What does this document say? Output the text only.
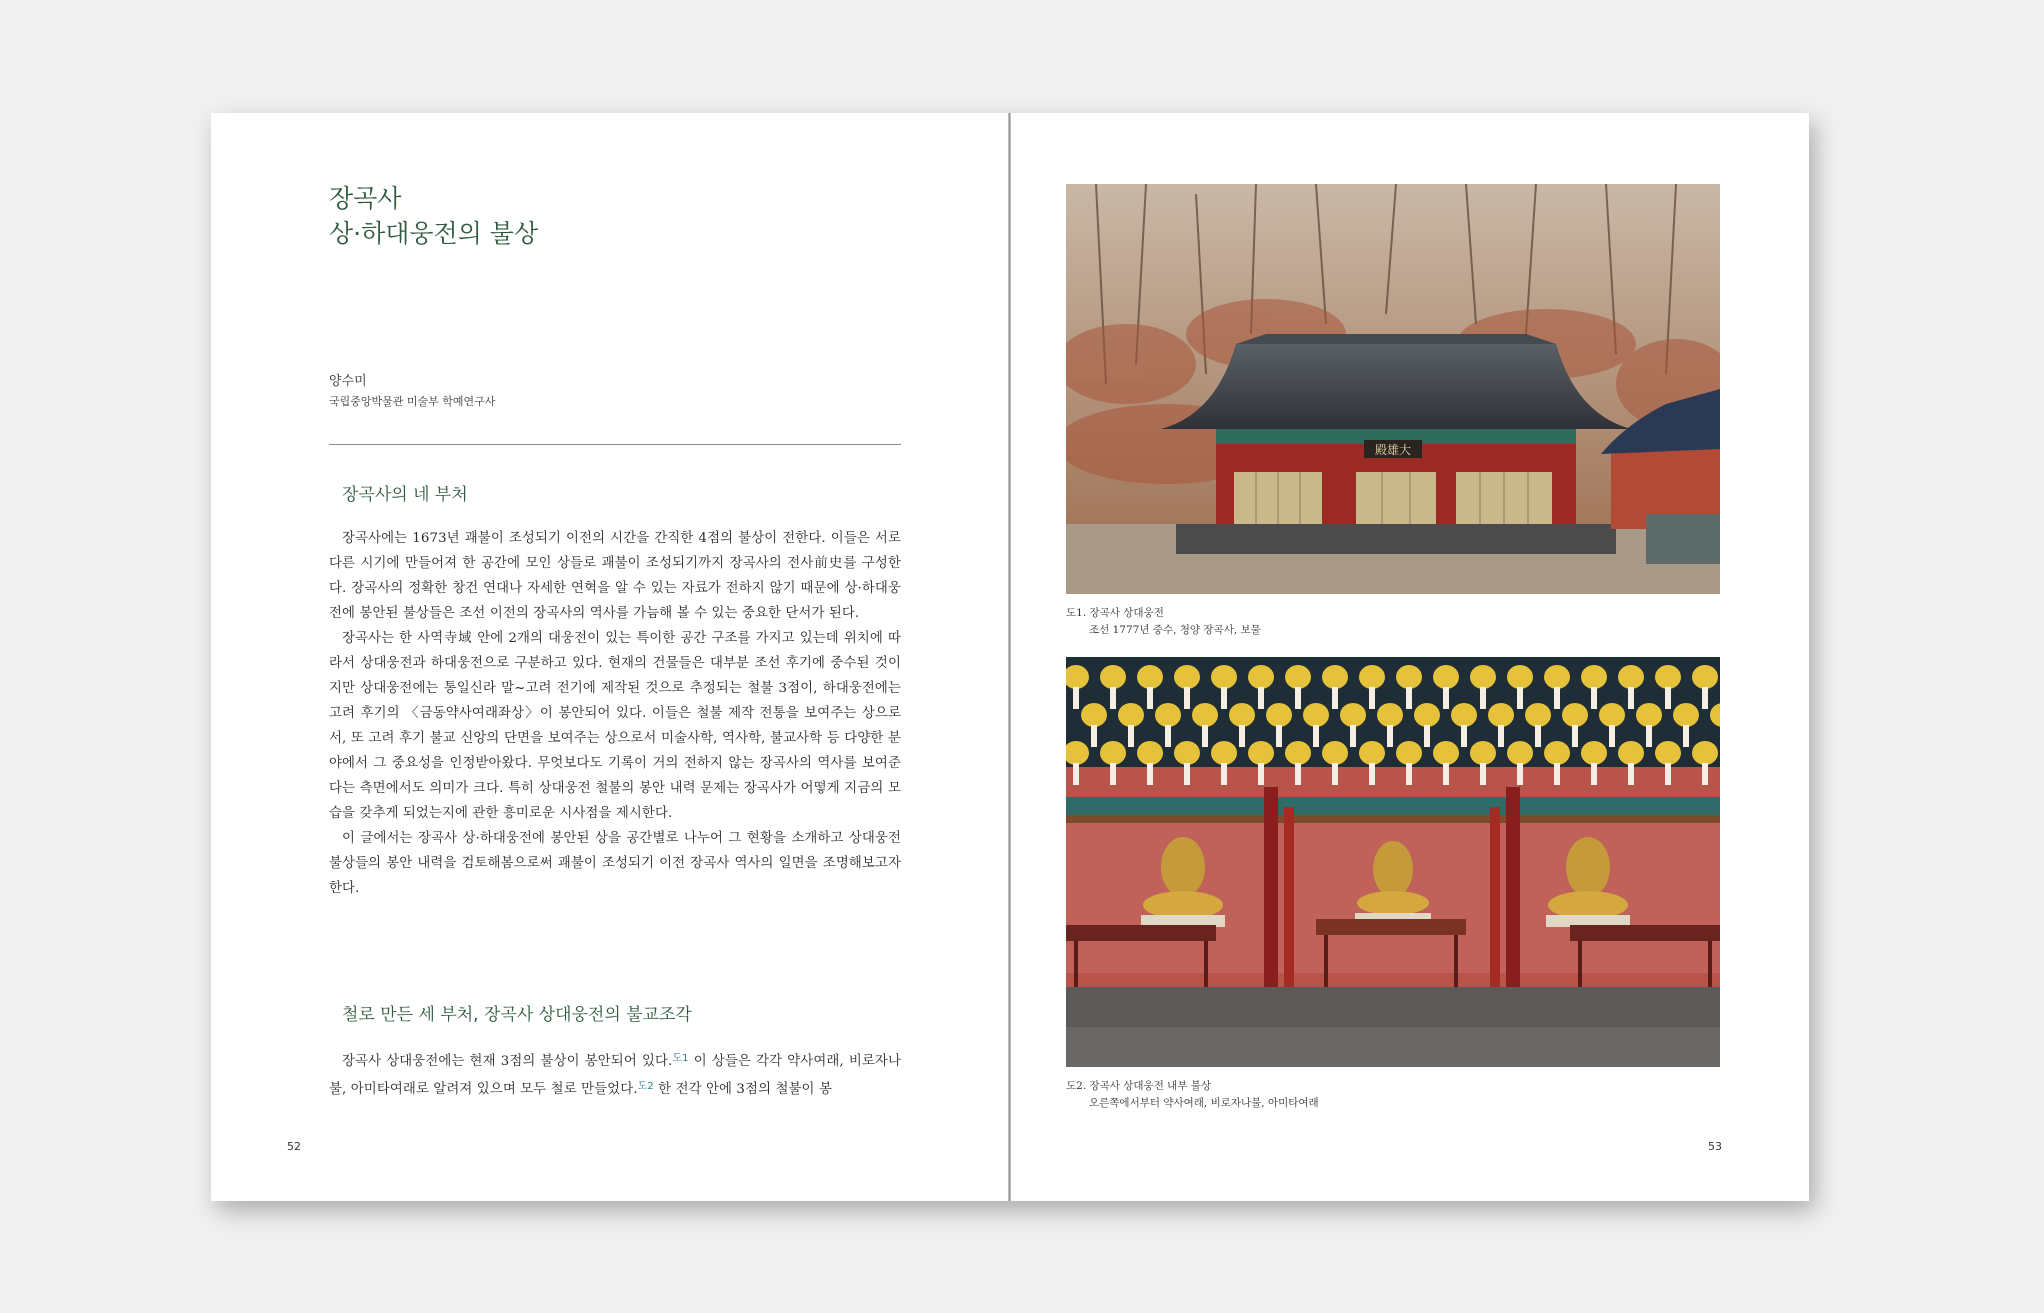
장곡사
상·하대웅전의 불상
양수미
국립중앙박물관 미술부 학예연구사
장곡사의 네 부처

장곡사에는 1673년 괘불이 조성되기 이전의 시간을 간직한 4점의 불상이 전한다. 이들은 서로 다른 시기에 만들어져 한 공간에 모인 상들로 괘불이 조성되기까지 장곡사의 전사前史를 구성한다. 장곡사의 정확한 창건 연대나 자세한 연혁을 알 수 있는 자료가 전하지 않기 때문에 상·하대웅전에 봉안된 불상들은 조선 이전의 장곡사의 역사를 가늠해 볼 수 있는 중요한 단서가 된다.

장곡사는 한 사역寺域 안에 2개의 대웅전이 있는 특이한 공간 구조를 가지고 있는데 위치에 따라서 상대웅전과 하대웅전으로 구분하고 있다. 현재의 건물들은 대부분 조선 후기에 중수된 것이지만 상대웅전에는 통일신라 말~고려 전기에 제작된 것으로 추정되는 철불 3점이, 하대웅전에는 고려 후기의 〈금동약사여래좌상〉이 봉안되어 있다. 이들은 철불 제작 전통을 보여주는 상으로서, 또 고려 후기 불교 신앙의 단면을 보여주는 상으로서 미술사학, 역사학, 불교사학 등 다양한 분야에서 그 중요성을 인정받아왔다. 무엇보다도 기록이 거의 전하지 않는 장곡사의 역사를 보여준다는 측면에서도 의미가 크다. 특히 상대웅전 철불의 봉안 내력 문제는 장곡사가 어떻게 지금의 모습을 갖추게 되었는지에 관한 흥미로운 시사점을 제시한다.

이 글에서는 장곡사 상·하대웅전에 봉안된 상을 공간별로 나누어 그 현황을 소개하고 상대웅전 불상들의 봉안 내력을 검토해봄으로써 괘불이 조성되기 이전 장곡사 역사의 일면을 조명해보고자 한다.

철로 만든 세 부처, 장곡사 상대웅전의 불교조각

장곡사 상대웅전에는 현재 3점의 불상이 봉안되어 있다.$^{도1}$ 이 상들은 각각 약사여래, 비로자나불, 아미타여래로 알려져 있으며 모두 철로 만들었다.$^{도2}$ 한 전각 안에 3점의 철불이 봉

52
殿雄大
도1. 장곡사 상대웅전
조선 1777년 중수, 청양 장곡사, 보물
도2. 장곡사 상대웅전 내부 불상
오른쪽에서부터 약사여래, 비로자나불, 아미타여래
53
